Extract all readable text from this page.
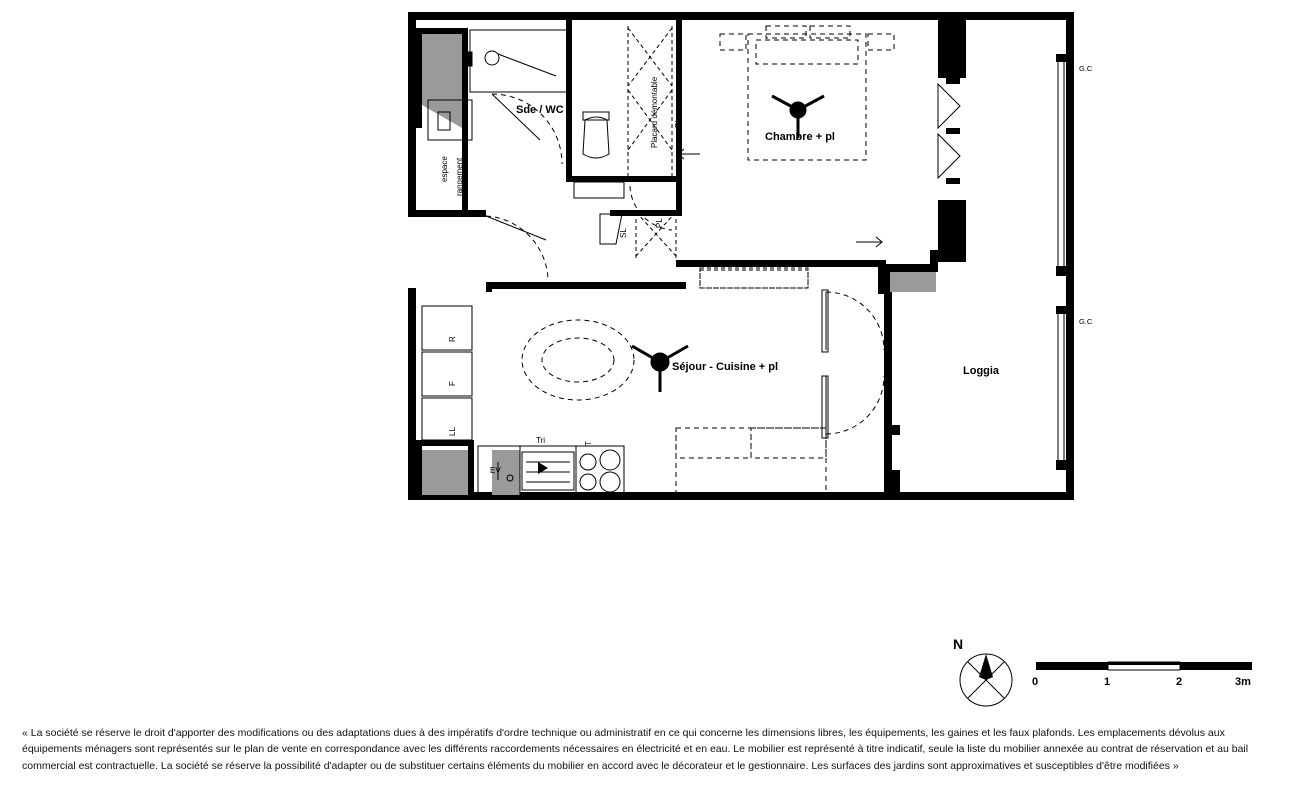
Sde / WC
Chambre + pl
Séjour - Cuisine + pl	Loggia
espace rangement
Placard démontable PL
PL
SL
R
F
LL
EV
Tri	T
G.C
G.C
N
0	1	2	3m
« La société se réserve le droit d'apporter des modifications ou des adaptations dues à des impératifs d'ordre technique ou administratif en ce qui concerne les dimensions libres, les équipements, les gaines et les faux plafonds. Les emplacements dévolus aux équipements ménagers sont représentés sur le plan de vente en correspondance avec les différents raccordements nécessaires en électricité et en eau. Le mobilier est représenté à titre indicatif, seule la liste du mobilier annexée au contrat de réservation et au bail commercial est contractuelle. La société se réserve la possibilité d'adapter ou de substituer certains éléments du mobilier en accord avec le décorateur et le gestionnaire. Les surfaces des jardins sont approximatives et susceptibles d'être modifiées »
